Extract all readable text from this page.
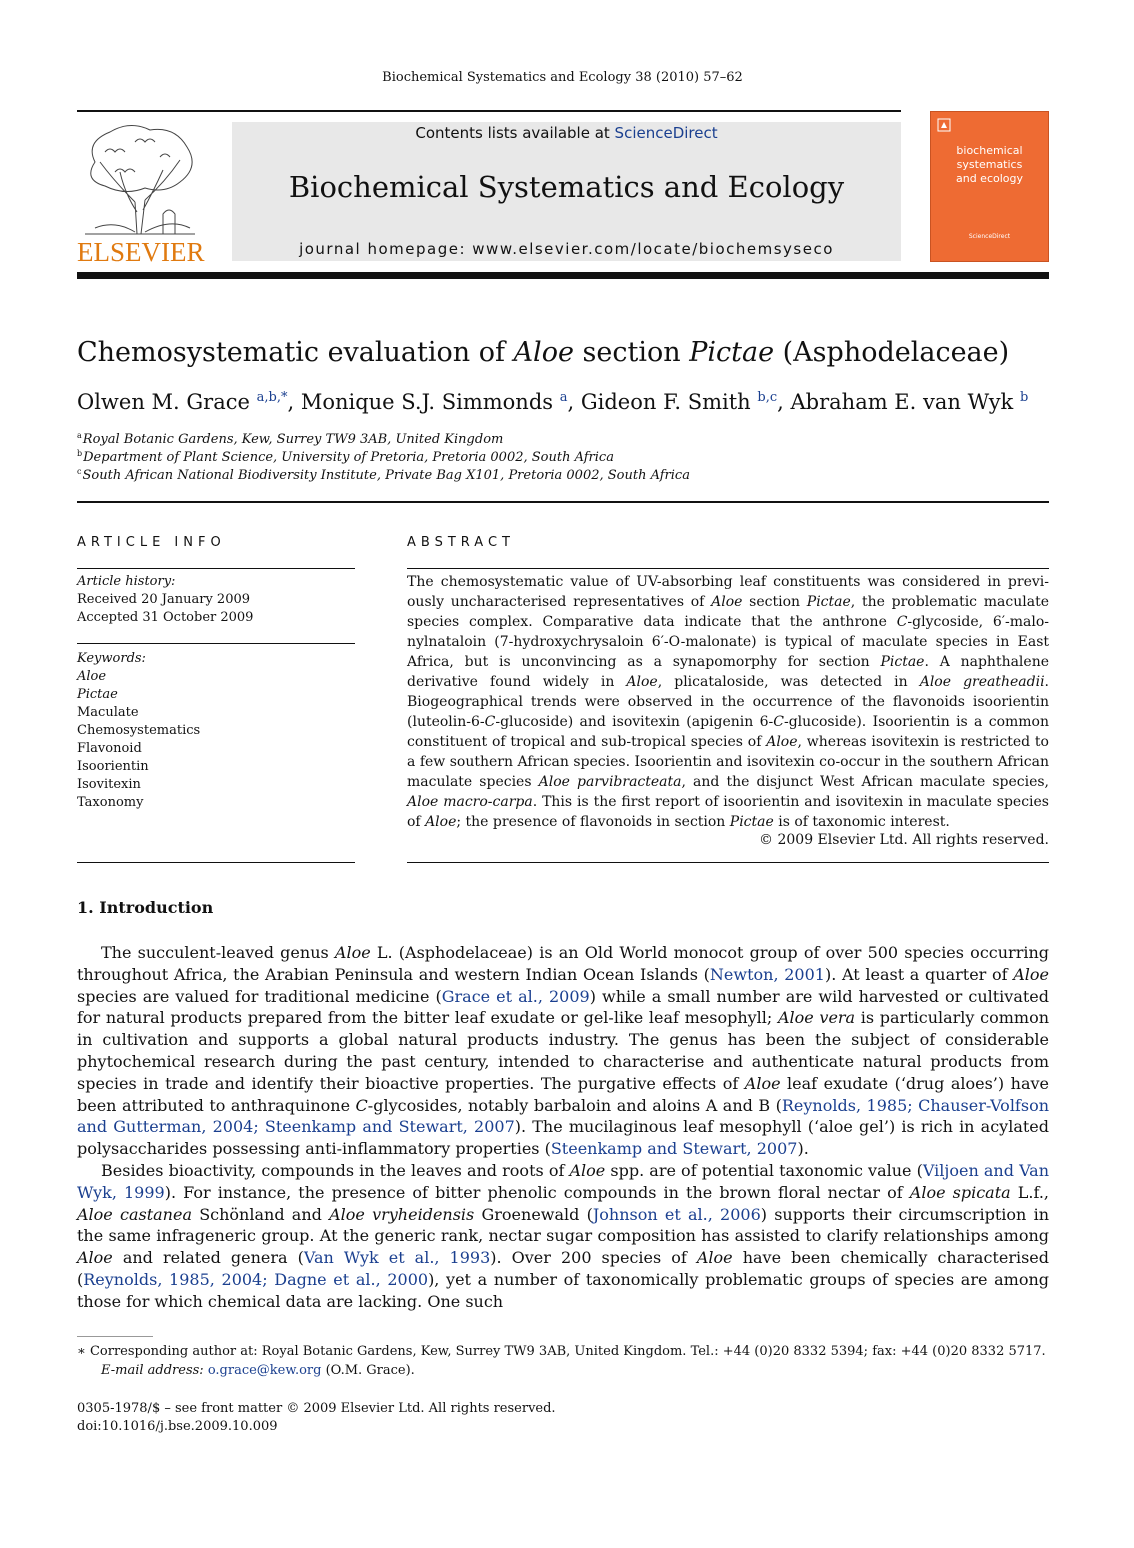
Biochemical Systematics and Ecology 38 (2010) 57–62
ELSEVIER
Contents lists available at ScienceDirect
Biochemical Systematics and Ecology
journal homepage: www.elsevier.com/locate/biochemsyseco
biochemical
systematics
and ecology
ScienceDirect
Chemosystematic evaluation of Aloe section Pictae (Asphodelaceae)
Olwen M. Grace $^{a,b,*}$, Monique S.J. Simmonds $^a$, Gideon F. Smith $^{b,c}$, Abraham E. van Wyk $^b$
$^a$Royal Botanic Gardens, Kew, Surrey TW9 3AB, United Kingdom
$^b$Department of Plant Science, University of Pretoria, Pretoria 0002, South Africa
$^c$South African National Biodiversity Institute, Private Bag X101, Pretoria 0002, South Africa
ARTICLE INFO
Article history:
Received 20 January 2009
Accepted 31 October 2009
Keywords:
Aloe
Pictae
Maculate
Chemosystematics
Flavonoid
Isoorientin
Isovitexin
Taxonomy
ABSTRACT
The chemosystematic value of UV-absorbing leaf constituents was considered in previ-ously uncharacterised representatives of Aloe section Pictae, the problematic maculate species complex. Comparative data indicate that the anthrone C-glycoside, 6′-malo-nylnataloin (7-hydroxychrysaloin 6′-O-malonate) is typical of maculate species in East Africa, but is unconvincing as a synapomorphy for section Pictae. A naphthalene derivative found widely in Aloe, plicataloside, was detected in Aloe greatheadii. Biogeographical trends were observed in the occurrence of the flavonoids isoorientin (luteolin-6-C-glucoside) and isovitexin (apigenin 6-C-glucoside). Isoorientin is a common constituent of tropical and sub-tropical species of Aloe, whereas isovitexin is restricted to a few southern African species. Isoorientin and isovitexin co-occur in the southern African maculate species Aloe parvibracteata, and the disjunct West African maculate species, Aloe macro-carpa. This is the first report of isoorientin and isovitexin in maculate species of Aloe; the presence of flavonoids in section Pictae is of taxonomic interest.
© 2009 Elsevier Ltd. All rights reserved.
1. Introduction

The succulent-leaved genus Aloe L. (Asphodelaceae) is an Old World monocot group of over 500 species occurring throughout Africa, the Arabian Peninsula and western Indian Ocean Islands (Newton, 2001). At least a quarter of Aloe species are valued for traditional medicine (Grace et al., 2009) while a small number are wild harvested or cultivated for natural products prepared from the bitter leaf exudate or gel-like leaf mesophyll; Aloe vera is particularly common in cultivation and supports a global natural products industry. The genus has been the subject of considerable phytochemical research during the past century, intended to characterise and authenticate natural products from species in trade and identify their bioactive properties. The purgative effects of Aloe leaf exudate (‘drug aloes’) have been attributed to anthraquinone C-glycosides, notably barbaloin and aloins A and B (Reynolds, 1985; Chauser-Volfson and Gutterman, 2004; Steenkamp and Stewart, 2007). The mucilaginous leaf mesophyll (‘aloe gel’) is rich in acylated polysaccharides possessing anti-inflammatory properties (Steenkamp and Stewart, 2007).

Besides bioactivity, compounds in the leaves and roots of Aloe spp. are of potential taxonomic value (Viljoen and Van Wyk, 1999). For instance, the presence of bitter phenolic compounds in the brown floral nectar of Aloe spicata L.f., Aloe castanea Schönland and Aloe vryheidensis Groenewald (Johnson et al., 2006) supports their circumscription in the same infrageneric group. At the generic rank, nectar sugar composition has assisted to clarify relationships among Aloe and related genera (Van Wyk et al., 1993). Over 200 species of Aloe have been chemically characterised (Reynolds, 1985, 2004; Dagne et al., 2000), yet a number of taxonomically problematic groups of species are among those for which chemical data are lacking. One such

∗ Corresponding author at: Royal Botanic Gardens, Kew, Surrey TW9 3AB, United Kingdom. Tel.: +44 (0)20 8332 5394; fax: +44 (0)20 8332 5717.
E-mail address: o.grace@kew.org (O.M. Grace).
0305-1978/$ – see front matter © 2009 Elsevier Ltd. All rights reserved.
doi:10.1016/j.bse.2009.10.009
